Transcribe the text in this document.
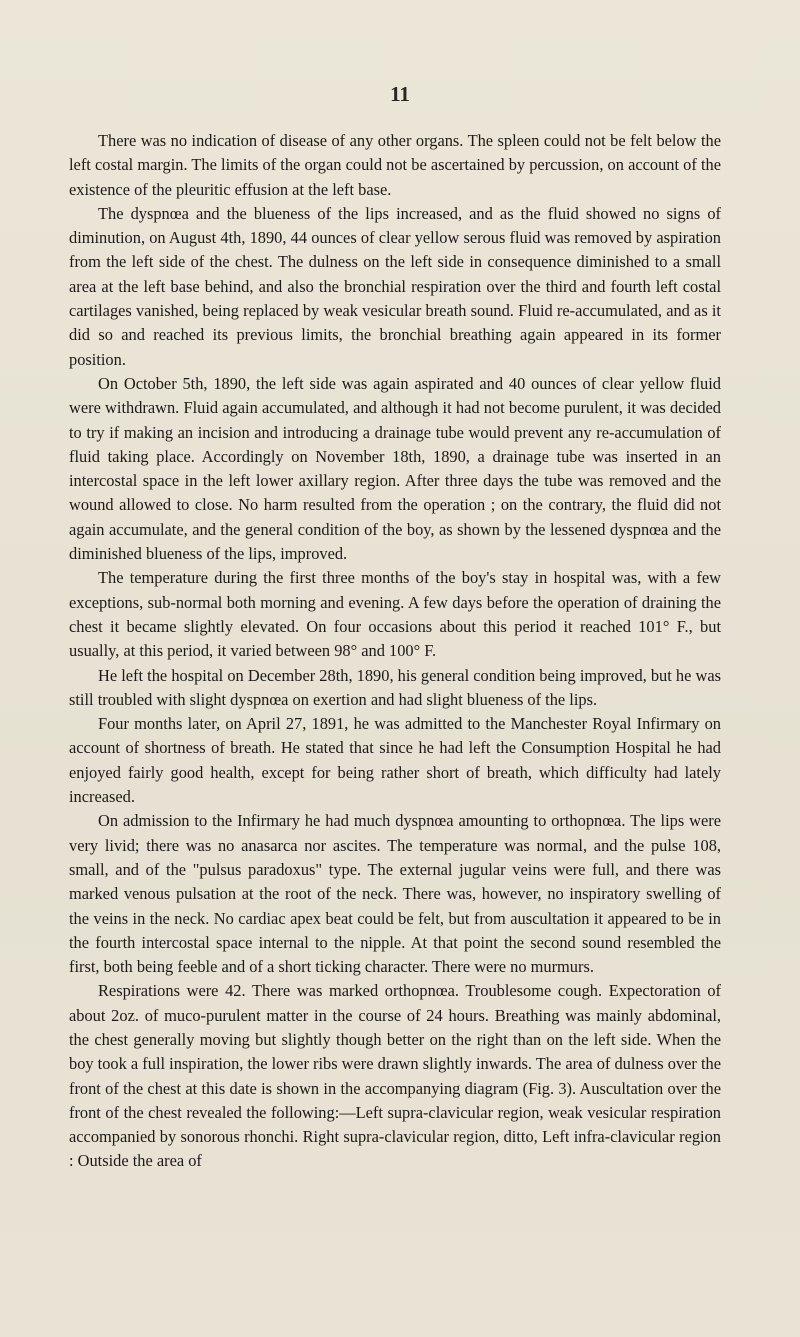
11

There was no indication of disease of any other organs. The spleen could not be felt below the left costal margin. The limits of the organ could not be ascertained by percussion, on account of the existence of the pleuritic effusion at the left base.

The dyspnœa and the blueness of the lips increased, and as the fluid showed no signs of diminution, on August 4th, 1890, 44 ounces of clear yellow serous fluid was removed by aspiration from the left side of the chest. The dulness on the left side in consequence diminished to a small area at the left base behind, and also the bronchial respiration over the third and fourth left costal cartilages vanished, being replaced by weak vesicular breath sound. Fluid re-accumulated, and as it did so and reached its previous limits, the bronchial breathing again appeared in its former position.

On October 5th, 1890, the left side was again aspirated and 40 ounces of clear yellow fluid were withdrawn. Fluid again accumulated, and although it had not become purulent, it was decided to try if making an incision and introducing a drainage tube would prevent any re-accumulation of fluid taking place. Accordingly on November 18th, 1890, a drainage tube was inserted in an intercostal space in the left lower axillary region. After three days the tube was removed and the wound allowed to close. No harm resulted from the operation ; on the contrary, the fluid did not again accumulate, and the general condition of the boy, as shown by the lessened dyspnœa and the diminished blueness of the lips, improved.

The temperature during the first three months of the boy's stay in hospital was, with a few exceptions, sub-normal both morning and evening. A few days before the operation of draining the chest it became slightly elevated. On four occasions about this period it reached 101° F., but usually, at this period, it varied between 98° and 100° F.

He left the hospital on December 28th, 1890, his general condition being improved, but he was still troubled with slight dyspnœa on exertion and had slight blueness of the lips.

Four months later, on April 27, 1891, he was admitted to the Manchester Royal Infirmary on account of shortness of breath. He stated that since he had left the Consumption Hospital he had enjoyed fairly good health, except for being rather short of breath, which difficulty had lately increased.

On admission to the Infirmary he had much dyspnœa amounting to orthopnœa. The lips were very livid; there was no anasarca nor ascites. The temperature was normal, and the pulse 108, small, and of the "pulsus paradoxus" type. The external jugular veins were full, and there was marked venous pulsation at the root of the neck. There was, however, no inspiratory swelling of the veins in the neck. No cardiac apex beat could be felt, but from auscultation it appeared to be in the fourth intercostal space internal to the nipple. At that point the second sound resembled the first, both being feeble and of a short ticking character. There were no murmurs.

Respirations were 42. There was marked orthopnœa. Troublesome cough. Expectoration of about 2oz. of muco-purulent matter in the course of 24 hours. Breathing was mainly abdominal, the chest generally moving but slightly though better on the right than on the left side. When the boy took a full inspiration, the lower ribs were drawn slightly inwards. The area of dulness over the front of the chest at this date is shown in the accompanying diagram (Fig. 3). Auscultation over the front of the chest revealed the following:—Left supra-clavicular region, weak vesicular respiration accompanied by sonorous rhonchi. Right supra-clavicular region, ditto, Left infra-clavicular region : Outside the area of
